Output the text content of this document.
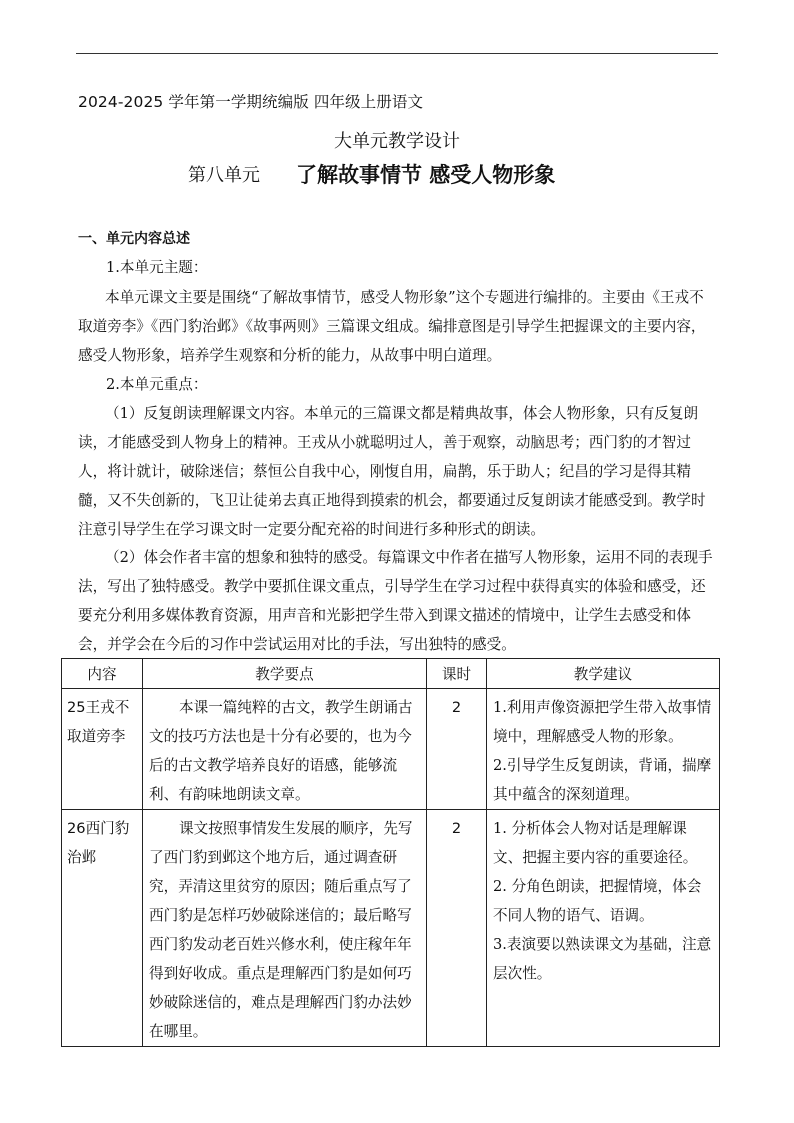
2024-2025 学年第一学期统编版 四年级上册语文
大单元教学设计
第八单元 了解故事情节 感受人物形象
一、单元内容总述
1.本单元主题：
本单元课文主要是围绕“了解故事情节，感受人物形象”这个专题进行编排的。主要由《王戎不取道旁李》《西门豹治邺》《故事两则》三篇课文组成。编排意图是引导学生把握课文的主要内容，感受人物形象，培养学生观察和分析的能力，从故事中明白道理。
2.本单元重点：
（1）反复朗读理解课文内容。本单元的三篇课文都是精典故事，体会人物形象，只有反复朗读，才能感受到人物身上的精神。王戎从小就聪明过人，善于观察，动脑思考；西门豹的才智过人，将计就计，破除迷信；蔡恒公自我中心，刚愎自用，扁鹊，乐于助人；纪昌的学习是得其精髓，又不失创新的，飞卫让徒弟去真正地得到摸索的机会，都要通过反复朗读才能感受到。教学时注意引导学生在学习课文时一定要分配充裕的时间进行多种形式的朗读。
（2）体会作者丰富的想象和独特的感受。每篇课文中作者在描写人物形象，运用不同的表现手法，写出了独特感受。教学中要抓住课文重点，引导学生在学习过程中获得真实的体验和感受，还要充分利用多媒体教育资源，用声音和光影把学生带入到课文描述的情境中，让学生去感受和体会，并学会在今后的习作中尝试运用对比的手法，写出独特的感受。
内容	教学要点	课时	教学建议
25王戎不取道旁李	本课一篇纯粹的古文，教学生朗诵古文的技巧方法也是十分有必要的，也为今后的古文教学培养良好的语感，能够流利、有韵味地朗读文章。	2	1.利用声像资源把学生带入故事情境中，理解感受人物的形象。
2.引导学生反复朗读，背诵，揣摩其中蕴含的深刻道理。

26西门豹治邺	课文按照事情发生发展的顺序，先写了西门豹到邺这个地方后，通过调查研究，弄清这里贫穷的原因；随后重点写了西门豹是怎样巧妙破除迷信的；最后略写西门豹发动老百姓兴修水利，使庄稼年年得到好收成。重点是理解西门豹是如何巧妙破除迷信的，难点是理解西门豹办法妙在哪里。	2	1. 分析体会人物对话是理解课文、把握主要内容的重要途径。
2. 分角色朗读，把握情境，体会不同人物的语气、语调。
3.表演要以熟读课文为基础，注意层次性。
